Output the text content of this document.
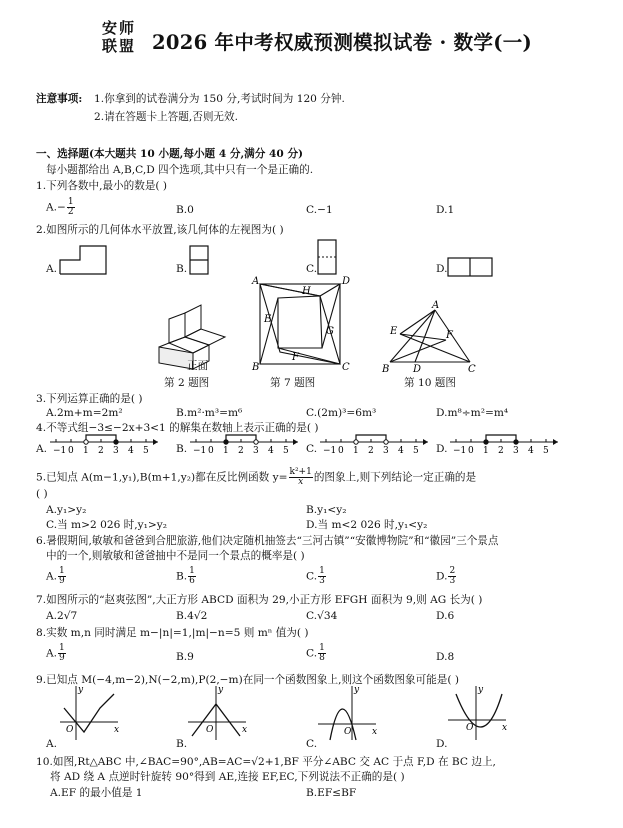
安师
联盟 2026 年中考权威预测模拟试卷 · 数学(一)
注意事项: 1.你拿到的试卷满分为 150 分,考试时间为 120 分钟.
2.请在答题卡上答题,否则无效.
一、选择题(本大题共 10 小题,每小题 4 分,满分 40 分)
每小题都给出 A,B,C,D 四个选项,其中只有一个是正确的.
1.下列各数中,最小的数是( )
$A.- \frac{1}{2}$	B.0	C.−1	D.1
2.如图所示的几何体水平放置,该几何体的左视图为( )
A.	B.	C.	D.
正面
第 2 题图
A	D
B	C
E
F
G
H
第 7 题图
A
B	C
D
E	F
第 10 题图
3.下列运算正确的是( )
A.2m+m=2m²	B.m²·m³=m⁶	C.(2m)³=6m³	D.m⁸÷m²=m⁴
4.不等式组−3≤−2x+3<1 的解集在数轴上表示正确的是( )
A.	B.	C.	D.
−1 0 1 2 3 4 5	−1 0 1 2 3 4 5	−1 0 1 2 3 4 5	−1 0 1 2 3 4 5
5.已知点 A(m−1,y₁),B(m+1,y₂)都在反比例函数 $y= \frac{\text{k²+1}}{x}$ 的图象上,则下列结论一定正确的是
( )
A.y₁>y₂	B.y₁<y₂
C.当 m>2 026 时,y₁>y₂	D.当 m<2 026 时,y₁<y₂
6.暑假期间,敏敏和爸爸到合肥旅游,他们决定随机抽签去“三河古镇”“安徽博物院”和“徽园”三个景点
中的一个,则敏敏和爸爸抽中不是同一个景点的概率是( )
A. $\frac{1}{9}$	B. $\frac{1}{6}$	C. $\frac{1}{3}$	D. $\frac{2}{3}$
7.如图所示的“赵爽弦图”,大正方形 ABCD 面积为 29,小正方形 EFGH 面积为 9,则 AG 长为( )
A.2√7	B.4√2	C.√34	D.6
8.实数 m,n 同时满足 m−|n|=1,|m|−n=5 则 mⁿ 值为( )
A. $\frac{1}{9}$	B.9	C. $\frac{1}{8}$	D.8
9.已知点 M(−4,m−2),N(−2,m),P(2,−m)在同一个函数图象上,则这个函数图象可能是( )
x
y
O
A.
x
y
O
B.
x
y
O
C.
x
y
O
D.
10.如图,Rt△ABC 中,∠BAC=90°,AB=AC=√2+1,BF 平分∠ABC 交 AC 于点 F,D 在 BC 边上,
将 AD 绕 A 点逆时针旋转 90°得到 AE,连接 EF,EC,下列说法不正确的是( )
A.EF 的最小值是 1	B.EF≤BF
